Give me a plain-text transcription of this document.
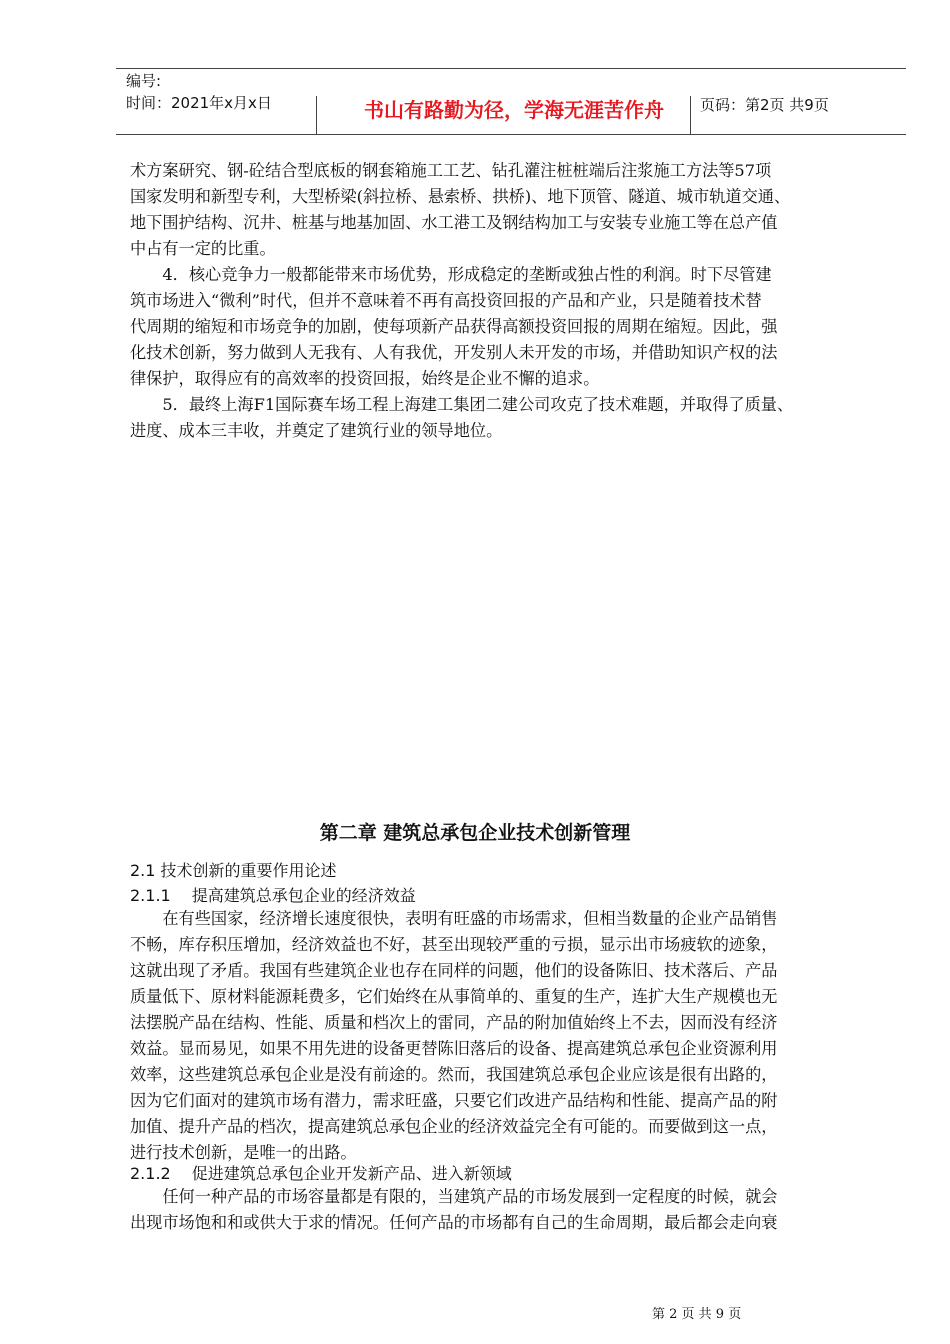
编号:
时间：2021年x月x日	书山有路勤为径，学海无涯苦作舟	页码：第2页 共9页
术方案研究、钢-砼结合型底板的钢套箱施工工艺、钻孔灌注桩桩端后注浆施工方法等57项
国家发明和新型专利，大型桥梁(斜拉桥、悬索桥、拱桥)、地下顶管、隧道、城市轨道交通、
地下围护结构、沉井、桩基与地基加固、水工港工及钢结构加工与安装专业施工等在总产值
中占有一定的比重。
　　4．核心竞争力一般都能带来市场优势，形成稳定的垄断或独占性的利润。时下尽管建
筑市场进入“微利”时代，但并不意味着不再有高投资回报的产品和产业，只是随着技术替
代周期的缩短和市场竞争的加剧，使每项新产品获得高额投资回报的周期在缩短。因此，强
化技术创新，努力做到人无我有、人有我优，开发别人未开发的市场，并借助知识产权的法
律保护，取得应有的高效率的投资回报，始终是企业不懈的追求。
　　5．最终上海F1国际赛车场工程上海建工集团二建公司攻克了技术难题，并取得了质量、
进度、成本三丰收，并奠定了建筑行业的领导地位。
第二章 建筑总承包企业技术创新管理
2.1 技术创新的重要作用论述
2.1.1　 提高建筑总承包企业的经济效益
　　在有些国家，经济增长速度很快，表明有旺盛的市场需求，但相当数量的企业产品销售
不畅，库存积压增加，经济效益也不好，甚至出现较严重的亏损，显示出市场疲软的迹象，
这就出现了矛盾。我国有些建筑企业也存在同样的问题，他们的设备陈旧、技术落后、产品
质量低下、原材料能源耗费多，它们始终在从事简单的、重复的生产，连扩大生产规模也无
法摆脱产品在结构、性能、质量和档次上的雷同，产品的附加值始终上不去，因而没有经济
效益。显而易见，如果不用先进的设备更替陈旧落后的设备、提高建筑总承包企业资源利用
效率，这些建筑总承包企业是没有前途的。然而，我国建筑总承包企业应该是很有出路的，
因为它们面对的建筑市场有潜力，需求旺盛，只要它们改进产品结构和性能、提高产品的附
加值、提升产品的档次，提高建筑总承包企业的经济效益完全有可能的。而要做到这一点，
进行技术创新，是唯一的出路。
2.1.2　 促进建筑总承包企业开发新产品、进入新领域
　　任何一种产品的市场容量都是有限的，当建筑产品的市场发展到一定程度的时候，就会
出现市场饱和和或供大于求的情况。任何产品的市场都有自己的生命周期，最后都会走向衰
第 2 页 共 9 页
